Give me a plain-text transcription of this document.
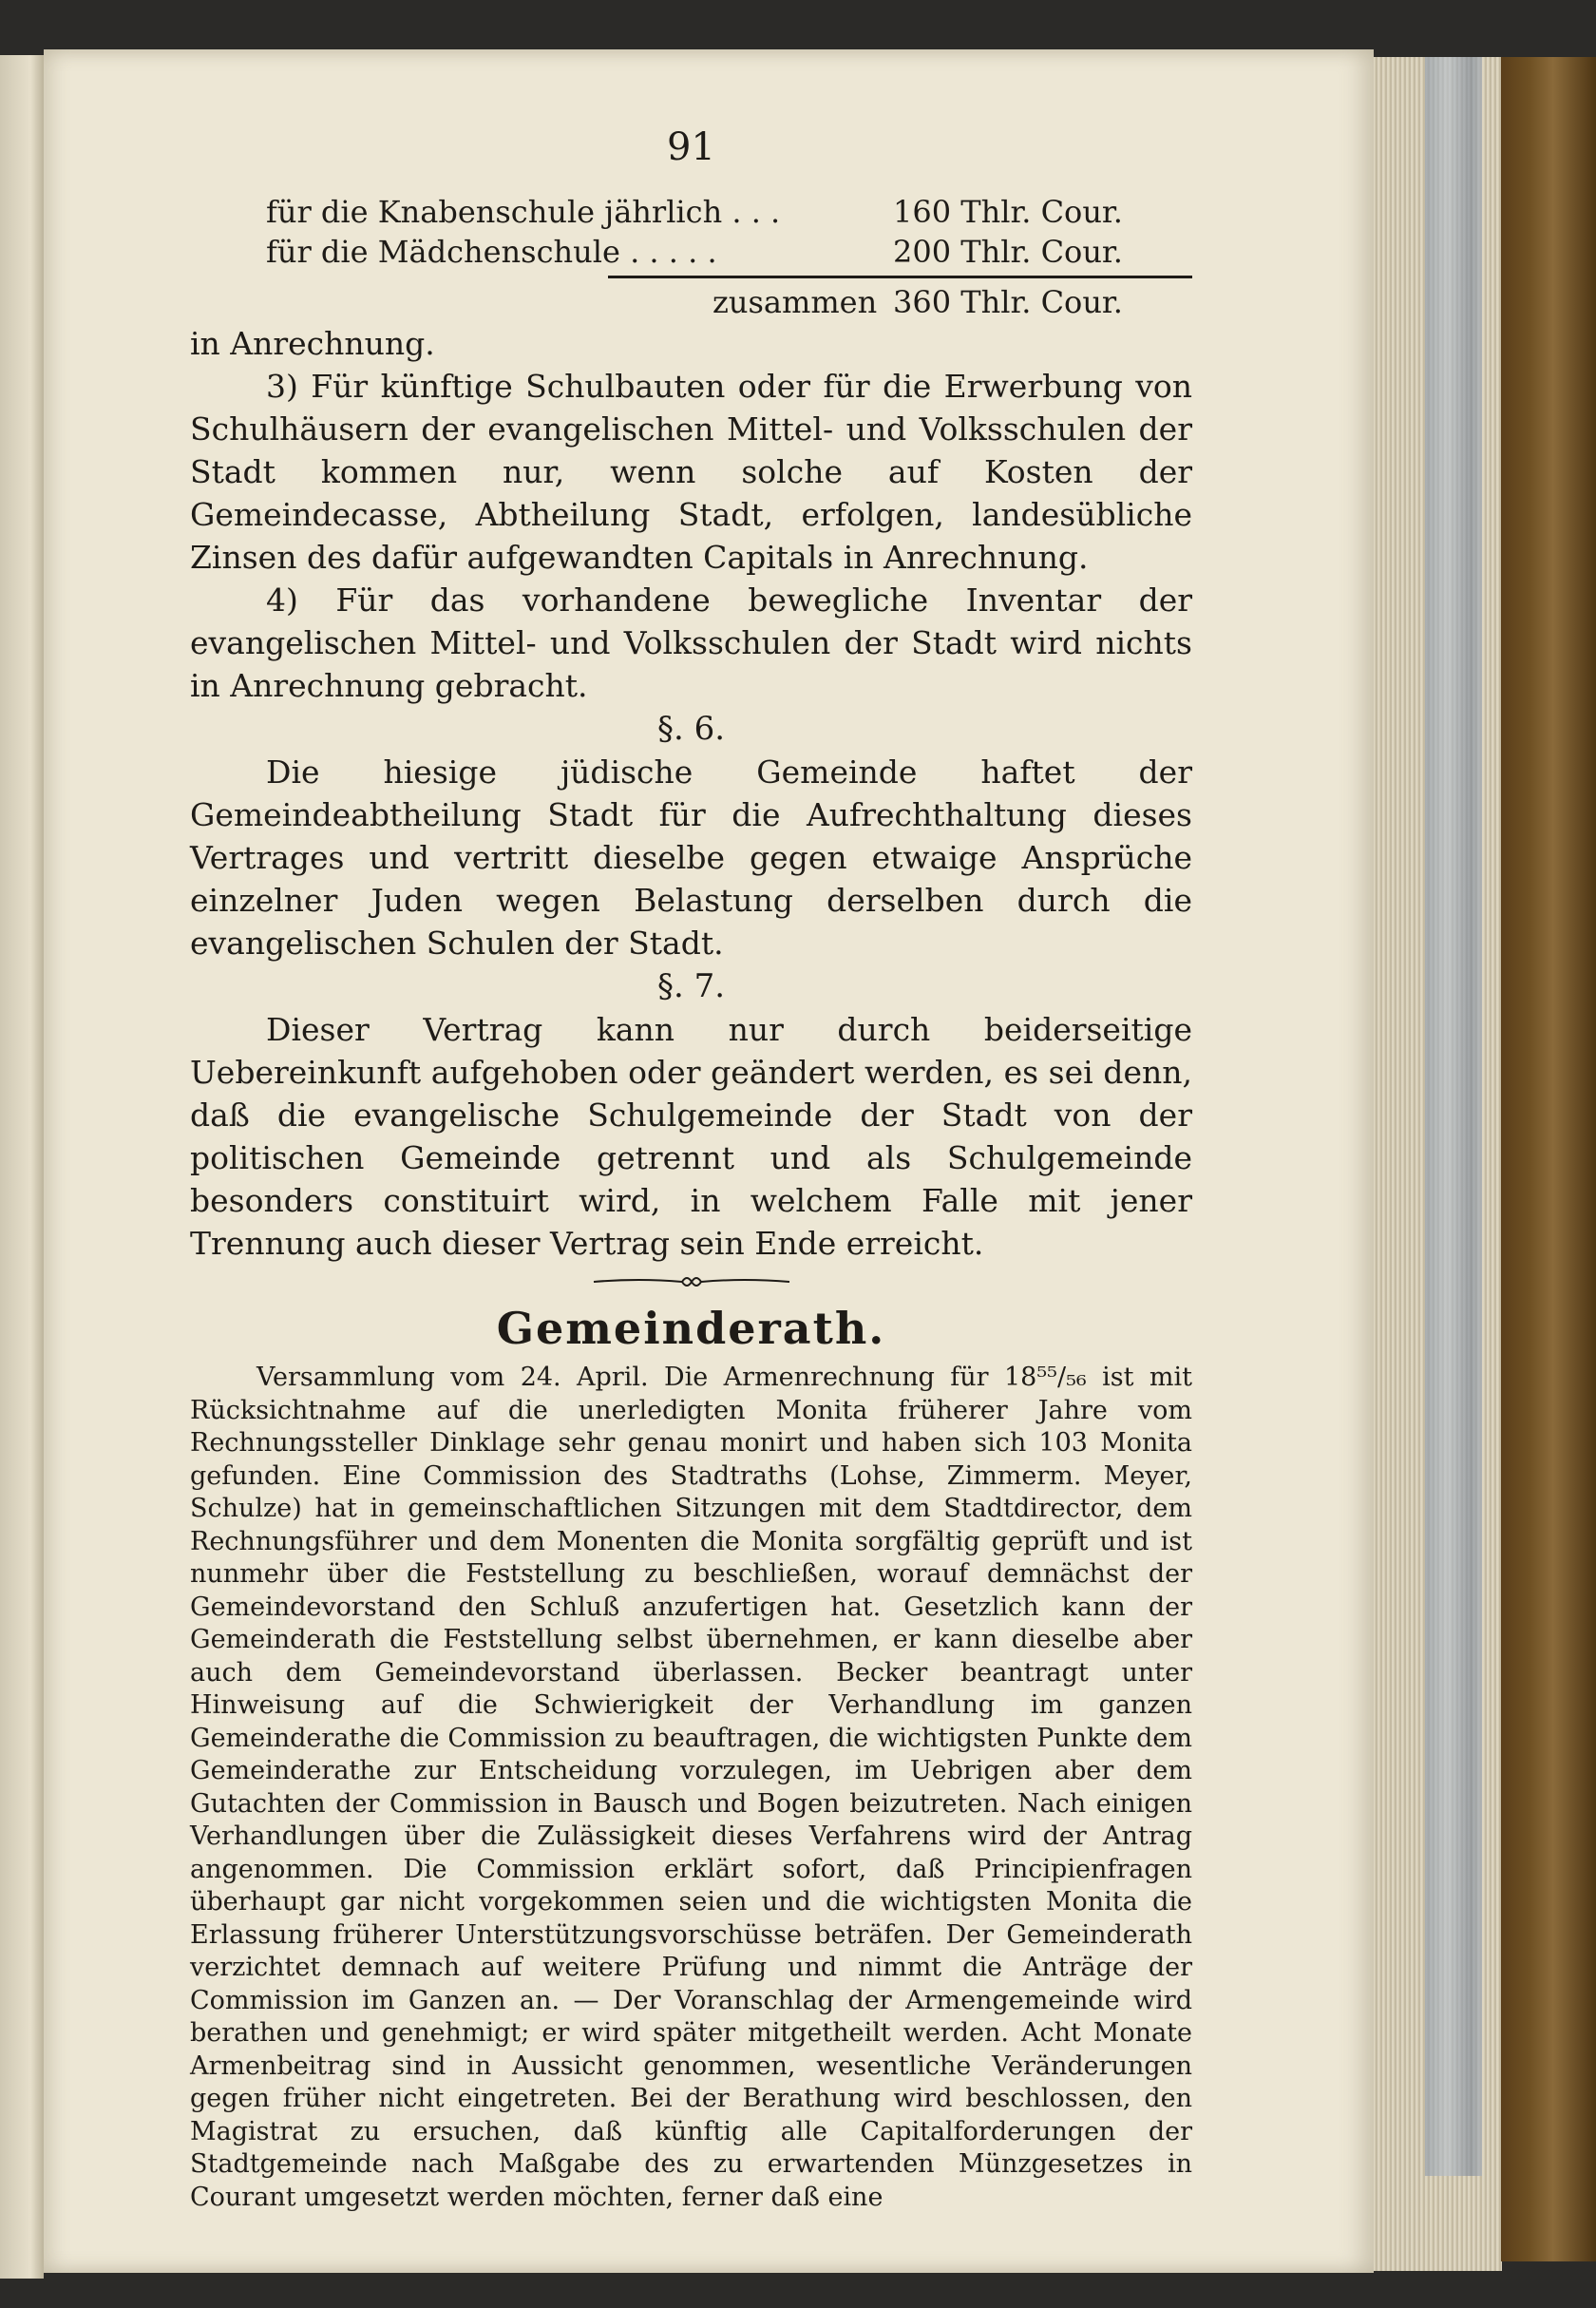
91
für die Knabenschule jährlich . . .	160 Thlr. Cour.
für die Mädchenschule . . . . .	200 Thlr. Cour.
zusammen 360 Thlr. Cour.

in Anrechnung.

3) Für künftige Schulbauten oder für die Erwerbung von Schulhäusern der evangelischen Mittel- und Volksschulen der Stadt kommen nur, wenn solche auf Kosten der Gemeindecasse, Abtheilung Stadt, erfolgen, landesübliche Zinsen des dafür aufgewandten Capitals in Anrechnung.

4) Für das vorhandene bewegliche Inventar der evangelischen Mittel- und Volksschulen der Stadt wird nichts in Anrechnung gebracht.

§. 6.

Die hiesige jüdische Gemeinde haftet der Gemeindeabtheilung Stadt für die Aufrechthaltung dieses Vertrages und vertritt dieselbe gegen etwaige Ansprüche einzelner Juden wegen Belastung derselben durch die evangelischen Schulen der Stadt.

§. 7.

Dieser Vertrag kann nur durch beiderseitige Uebereinkunft aufgehoben oder geändert werden, es sei denn, daß die evangelische Schulgemeinde der Stadt von der politischen Gemeinde getrennt und als Schulgemeinde besonders constituirt wird, in welchem Falle mit jener Trennung auch dieser Vertrag sein Ende erreicht.

Gemeinderath.

Versammlung vom 24. April. Die Armenrechnung für 18⁵⁵/₅₆ ist mit Rücksichtnahme auf die unerledigten Monita früherer Jahre vom Rechnungssteller Dinklage sehr genau monirt und haben sich 103 Monita gefunden. Eine Commission des Stadtraths (Lohse, Zimmerm. Meyer, Schulze) hat in gemeinschaftlichen Sitzungen mit dem Stadtdirector, dem Rechnungsführer und dem Monenten die Monita sorgfältig geprüft und ist nunmehr über die Feststellung zu beschließen, worauf demnächst der Gemeindevorstand den Schluß anzufertigen hat. Gesetzlich kann der Gemeinderath die Feststellung selbst übernehmen, er kann dieselbe aber auch dem Gemeindevorstand überlassen. Becker beantragt unter Hinweisung auf die Schwierigkeit der Verhandlung im ganzen Gemeinderathe die Commission zu beauftragen, die wichtigsten Punkte dem Gemeinderathe zur Entscheidung vorzulegen, im Uebrigen aber dem Gutachten der Commission in Bausch und Bogen beizutreten. Nach einigen Verhandlungen über die Zulässigkeit dieses Verfahrens wird der Antrag angenommen. Die Commission erklärt sofort, daß Principienfragen überhaupt gar nicht vorgekommen seien und die wichtigsten Monita die Erlassung früherer Unterstützungsvorschüsse beträfen. Der Gemeinderath verzichtet demnach auf weitere Prüfung und nimmt die Anträge der Commission im Ganzen an. — Der Voranschlag der Armengemeinde wird berathen und genehmigt; er wird später mitgetheilt werden. Acht Monate Armenbeitrag sind in Aussicht genommen, wesentliche Veränderungen gegen früher nicht eingetreten. Bei der Berathung wird beschlossen, den Magistrat zu ersuchen, daß künftig alle Capitalforderungen der Stadtgemeinde nach Maßgabe des zu erwartenden Münzgesetzes in Courant umgesetzt werden möchten, ferner daß eine
